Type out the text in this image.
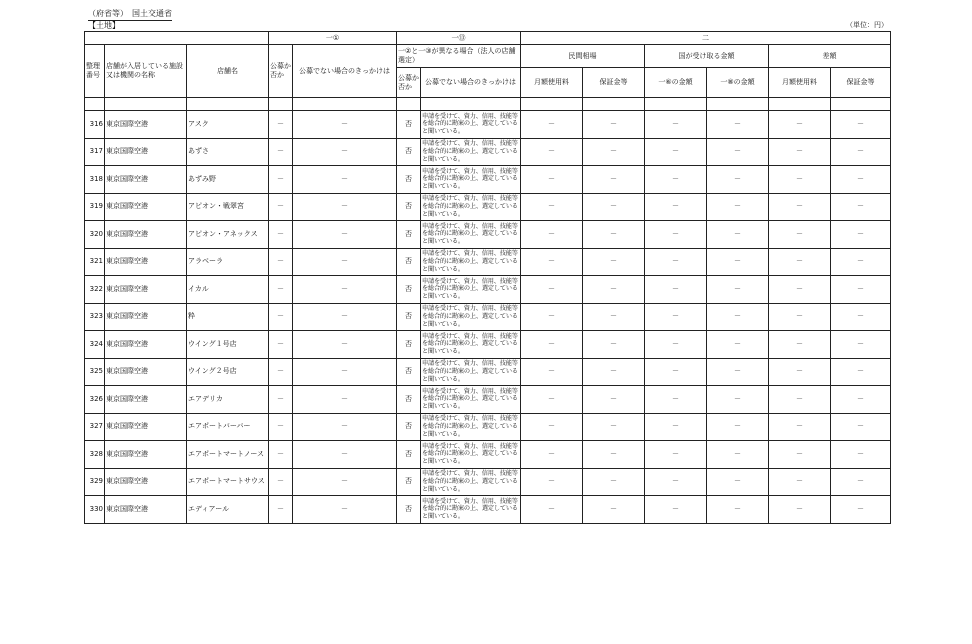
（府省等）　国土交通省
【土地】	（単位：円）
			一①		一⑬		二					
整理番号	店舗が入居している施設又は機関の名称	店舗名	公募か否か	公募でない場合のきっかけは	一②と一③が異なる場合（法人の店舗選定）		民間相場		国が受け取る金額		差額	
					公募か否か	公募でない場合のきっかけは	月額使用料	保証金等	一⑥の金額	一⑧の金額	月額使用料	保証金等

316	東京国際空港	アスク	－	－	否	申請を受けて、資力、信用、技能等を総合的に勘案の上、選定していると聞いている。	－	－	－	－	－	－
317	東京国際空港	あずさ	－	－	否	申請を受けて、資力、信用、技能等を総合的に勘案の上、選定していると聞いている。	－	－	－	－	－	－
318	東京国際空港	あずみ野	－	－	否	申請を受けて、資力、信用、技能等を総合的に勘案の上、選定していると聞いている。	－	－	－	－	－	－
319	東京国際空港	アピオン・戦翠宮	－	－	否	申請を受けて、資力、信用、技能等を総合的に勘案の上、選定していると聞いている。	－	－	－	－	－	－
320	東京国際空港	アピオン・アネックス	－	－	否	申請を受けて、資力、信用、技能等を総合的に勘案の上、選定していると聞いている。	－	－	－	－	－	－
321	東京国際空港	アラベーラ	－	－	否	申請を受けて、資力、信用、技能等を総合的に勘案の上、選定していると聞いている。	－	－	－	－	－	－
322	東京国際空港	イカル	－	－	否	申請を受けて、資力、信用、技能等を総合的に勘案の上、選定していると聞いている。	－	－	－	－	－	－
323	東京国際空港	粋	－	－	否	申請を受けて、資力、信用、技能等を総合的に勘案の上、選定していると聞いている。	－	－	－	－	－	－
324	東京国際空港	ウイング１号店	－	－	否	申請を受けて、資力、信用、技能等を総合的に勘案の上、選定していると聞いている。	－	－	－	－	－	－
325	東京国際空港	ウイング２号店	－	－	否	申請を受けて、資力、信用、技能等を総合的に勘案の上、選定していると聞いている。	－	－	－	－	－	－
326	東京国際空港	エアデリカ	－	－	否	申請を受けて、資力、信用、技能等を総合的に勘案の上、選定していると聞いている。	－	－	－	－	－	－
327	東京国際空港	エアポートバーバー	－	－	否	申請を受けて、資力、信用、技能等を総合的に勘案の上、選定していると聞いている。	－	－	－	－	－	－
328	東京国際空港	エアポートマートノース	－	－	否	申請を受けて、資力、信用、技能等を総合的に勘案の上、選定していると聞いている。	－	－	－	－	－	－
329	東京国際空港	エアポートマートサウス	－	－	否	申請を受けて、資力、信用、技能等を総合的に勘案の上、選定していると聞いている。	－	－	－	－	－	－
330	東京国際空港	エディアール	－	－	否	申請を受けて、資力、信用、技能等を総合的に勘案の上、選定していると聞いている。	－	－	－	－	－	－
